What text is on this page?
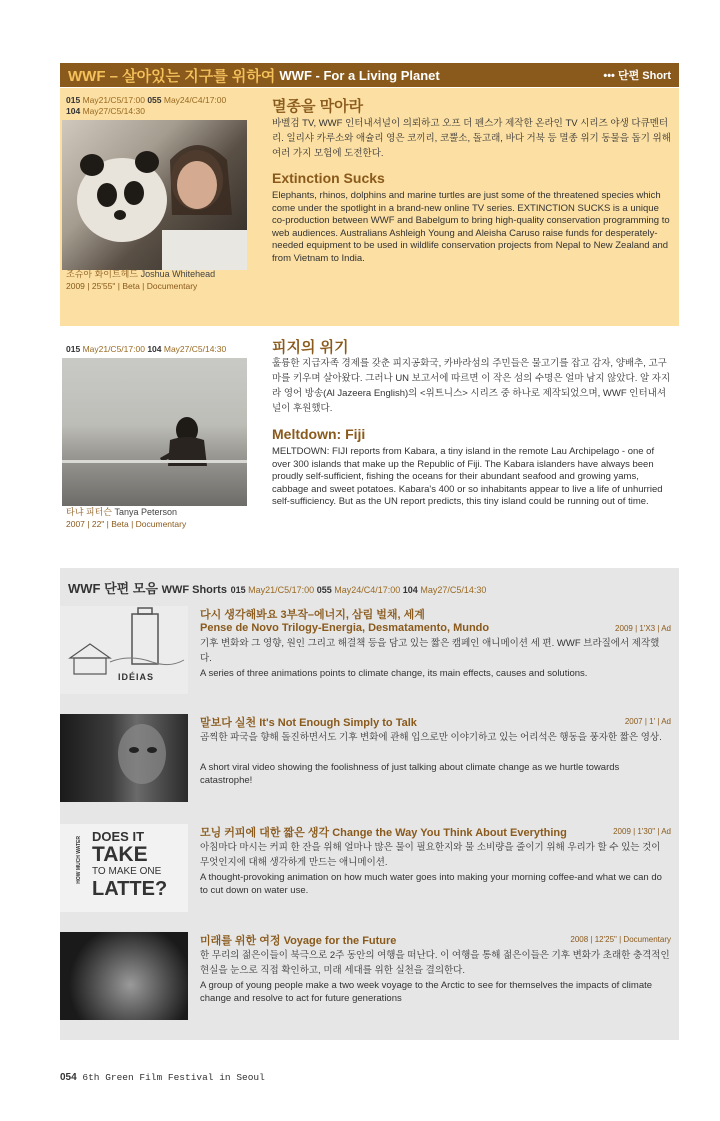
WWF – 살아있는 지구를 위하여 WWF - For a Living Planet	••• 단편 Short
015 May21/C5/17:00 055 May24/C4/17:00
104 May27/C5/14:30
조슈아 화이트헤드 Joshua Whitehead
2009 | 25'55" | Beta | Documentary
멸종을 막아라
바벨검 TV, WWF 인터내셔널이 의뢰하고 오프 더 펜스가 제작한 온라인 TV 시리즈 야생 다큐멘터리. 일리샤 카루소와 애슐리 영은 코끼리, 코뿔소, 돌고래, 바다 거북 등 멸종 위기 동물을 돕기 위해 여러 가지 모험에 도전한다.
Extinction Sucks
Elephants, rhinos, dolphins and marine turtles are just some of the threatened species which come under the spotlight in a brand-new online TV series. EXTINCTION SUCKS is a unique co-production between WWF and Babelgum to bring high-quality conservation programming to web audiences. Australians Ashleigh Young and Aleisha Caruso raise funds for desperately-needed equipment to be used in wildlife conservation projects from Nepal to New Zealand and from Vietnam to India.
015 May21/C5/17:00 104 May27/C5/14:30
타냐 피터슨 Tanya Peterson
2007 | 22" | Beta | Documentary
피지의 위기
훌륭한 지급자족 경제를 갖춘 피지공화국, 카바라섬의 주민들은 물고기를 잡고 감자, 양배추, 고구마를 키우며 살아왔다. 그러나 UN 보고서에 따르면 이 작은 섬의 수명은 얼마 남지 않았다. 알 자지라 영어 방송(Al Jazeera English)의 <위트니스> 시리즈 중 하나로 제작되었으며, WWF 인터내셔널이 후원했다.
Meltdown: Fiji
MELTDOWN: FIJI reports from Kabara, a tiny island in the remote Lau Archipelago - one of over 300 islands that make up the Republic of Fiji. The Kabara islanders have always been proudly self-sufficient, fishing the oceans for their abundant seafood and growing yams, cabbage and sweet potatoes. Kabara's 400 or so inhabitants appear to live a life of unhurried self-sufficiency. But as the UN report predicts, this tiny island could be running out of time.
WWF 단편 모음 WWF Shorts 015 May21/C5/17:00 055 May24/C4/17:00 104 May27/C5/14:30
IDÉIAS
다시 생각해봐요 3부작–에너지, 삼림 벌채, 세계
Pense de Novo Trilogy-Energia, Desmatamento, Mundo	2009 | 1'X3 | Ad
기후 변화와 그 영향, 원인 그리고 해결책 등을 담고 있는 짧은 캠페인 애니메이션 세 편. WWF 브라질에서 제작했다.
A series of three animations points to climate change, its main effects, causes and solutions.
말보다 실천 It's Not Enough Simply to Talk	2007 | 1' | Ad
곰찍한 파국을 향해 돌진하면서도 기후 변화에 관해 입으로만 이야기하고 있는 어리석은 행동을 풍자한 짧은 영상.
A short viral video showing the foolishness of just talking about climate change as we hurtle towards catastrophe!
HOW MUCH WATER DOES IT
TAKE
TO MAKE ONE
LATTE?
모닝 커피에 대한 짧은 생각 Change the Way You Think About Everything	2009 | 1'30" | Ad
아침마다 마시는 커피 한 잔을 위해 얼마나 많은 물이 필요한지와 물 소비량을 줄이기 위해 우리가 할 수 있는 것이 무엇인지에 대해 생각하게 만드는 애니메이션.
A thought-provoking animation on how much water goes into making your morning coffee-and what we can do to cut down on water use.
미래를 위한 여정 Voyage for the Future	2008 | 12'25" | Documentary
한 무리의 젊은이들이 북극으로 2주 동안의 여행을 떠난다. 이 여행을 통해 젊은이들은 기후 변화가 초래한 충격적인 현실을 눈으로 직접 확인하고, 미래 세대를 위한 실천을 결의한다.
A group of young people make a two week voyage to the Arctic to see for themselves the impacts of climate change and resolve to act for future generations
054 6th Green Film Festival in Seoul
